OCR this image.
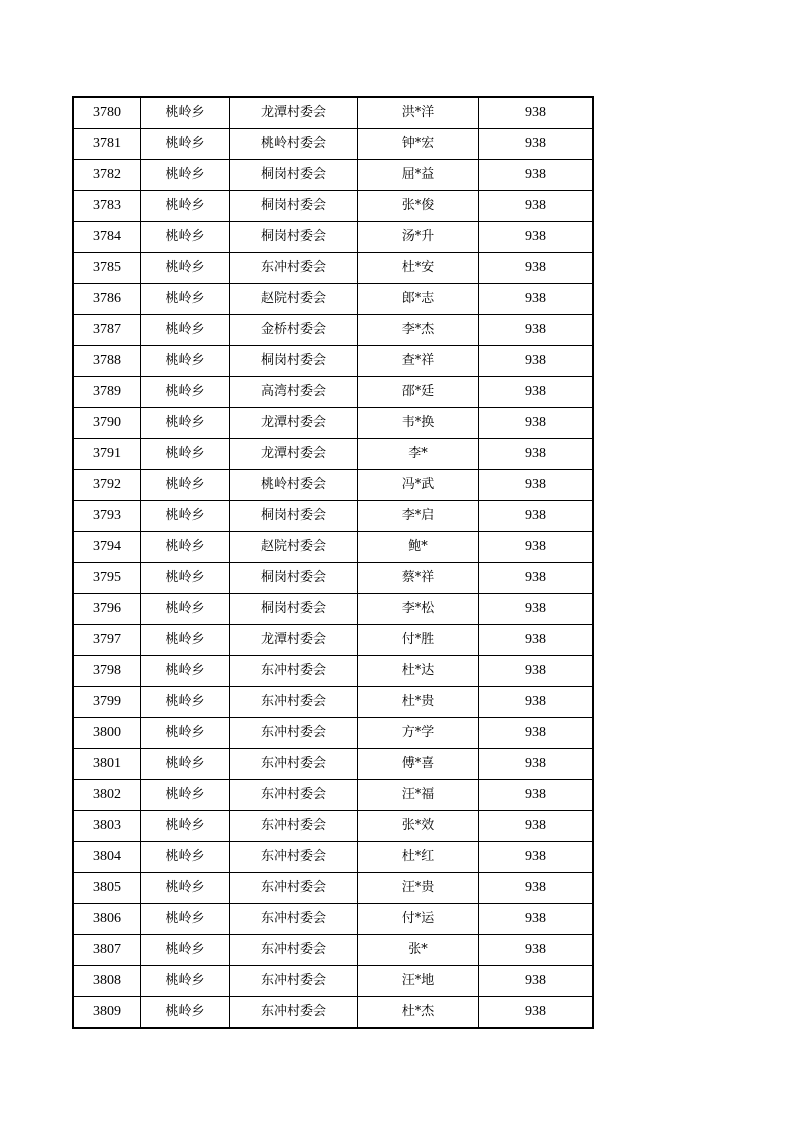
3780	桃岭乡	龙潭村委会	洪*洋	938
3781	桃岭乡	桃岭村委会	钟*宏	938
3782	桃岭乡	桐岗村委会	屈*益	938
3783	桃岭乡	桐岗村委会	张*俊	938
3784	桃岭乡	桐岗村委会	汤*升	938
3785	桃岭乡	东冲村委会	杜*安	938
3786	桃岭乡	赵院村委会	郎*志	938
3787	桃岭乡	金桥村委会	李*杰	938
3788	桃岭乡	桐岗村委会	查*祥	938
3789	桃岭乡	高湾村委会	邵*廷	938
3790	桃岭乡	龙潭村委会	韦*换	938
3791	桃岭乡	龙潭村委会	李*	938
3792	桃岭乡	桃岭村委会	冯*武	938
3793	桃岭乡	桐岗村委会	李*启	938
3794	桃岭乡	赵院村委会	鲍*	938
3795	桃岭乡	桐岗村委会	蔡*祥	938
3796	桃岭乡	桐岗村委会	李*松	938
3797	桃岭乡	龙潭村委会	付*胜	938
3798	桃岭乡	东冲村委会	杜*达	938
3799	桃岭乡	东冲村委会	杜*贵	938
3800	桃岭乡	东冲村委会	方*学	938
3801	桃岭乡	东冲村委会	傅*喜	938
3802	桃岭乡	东冲村委会	汪*福	938
3803	桃岭乡	东冲村委会	张*效	938
3804	桃岭乡	东冲村委会	杜*红	938
3805	桃岭乡	东冲村委会	汪*贵	938
3806	桃岭乡	东冲村委会	付*运	938
3807	桃岭乡	东冲村委会	张*	938
3808	桃岭乡	东冲村委会	汪*地	938
3809	桃岭乡	东冲村委会	杜*杰	938
